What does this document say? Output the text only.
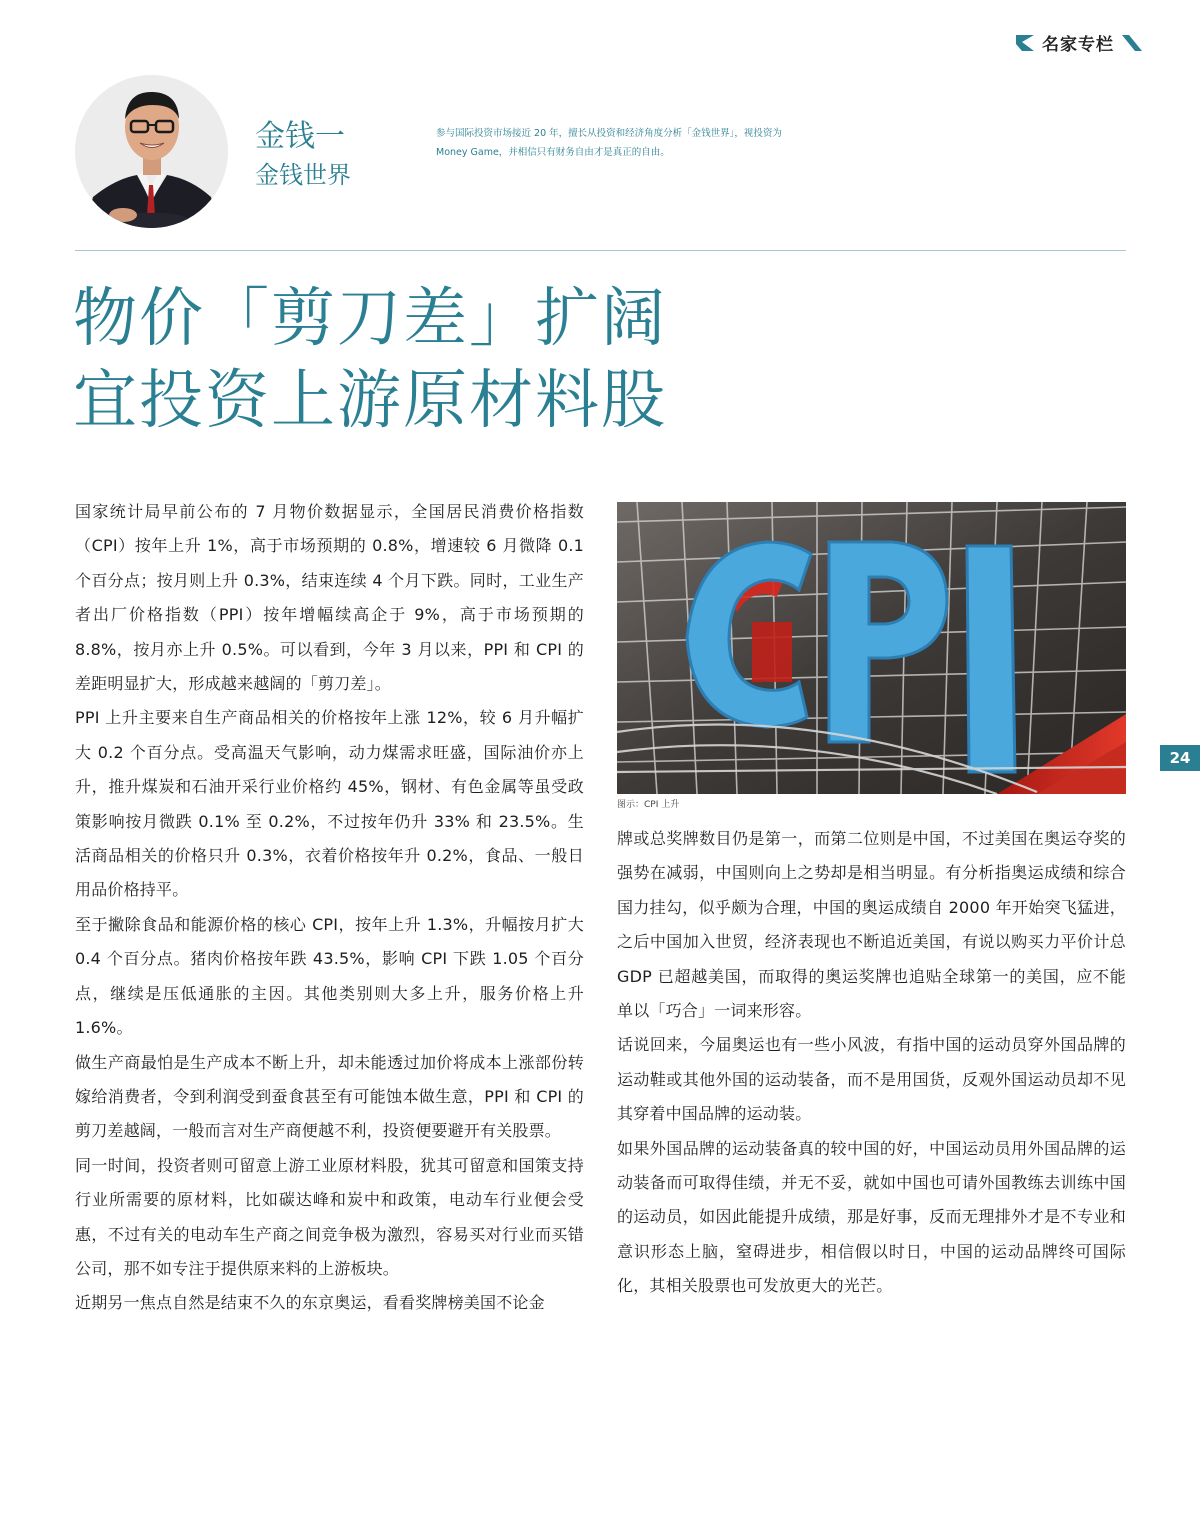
名家专栏
金钱一
金钱世界
参与国际投资市场接近 20 年，擅长从投资和经济角度分析「金钱世界」，视投资为 Money Game，并相信只有财务自由才是真正的自由。
物价「剪刀差」扩阔
宜投资上游原材料股

国家统计局早前公布的 7 月物价数据显示，全国居民消费价格指数（CPI）按年上升 1%，高于市场预期的 0.8%，增速较 6 月微降 0.1 个百分点；按月则上升 0.3%，结束连续 4 个月下跌。同时，工业生产者出厂价格指数（PPI）按年增幅续高企于 9%，高于市场预期的 8.8%，按月亦上升 0.5%。可以看到，今年 3 月以来，PPI 和 CPI 的差距明显扩大，形成越来越阔的「剪刀差」。

PPI 上升主要来自生产商品相关的价格按年上涨 12%，较 6 月升幅扩大 0.2 个百分点。受高温天气影响，动力煤需求旺盛，国际油价亦上升，推升煤炭和石油开采行业价格约 45%，钢材、有色金属等虽受政策影响按月微跌 0.1% 至 0.2%，不过按年仍升 33% 和 23.5%。生活商品相关的价格只升 0.3%，衣着价格按年升 0.2%，食品、一般日用品价格持平。

至于撇除食品和能源价格的核心 CPI，按年上升 1.3%，升幅按月扩大 0.4 个百分点。猪肉价格按年跌 43.5%，影响 CPI 下跌 1.05 个百分点，继续是压低通胀的主因。其他类别则大多上升，服务价格上升 1.6%。

做生产商最怕是生产成本不断上升，却未能透过加价将成本上涨部份转嫁给消费者，令到利润受到蚕食甚至有可能蚀本做生意，PPI 和 CPI 的剪刀差越阔，一般而言对生产商便越不利，投资便要避开有关股票。

同一时间，投资者则可留意上游工业原材料股，犹其可留意和国策支持行业所需要的原材料，比如碳达峰和炭中和政策，电动车行业便会受惠，不过有关的电动车生产商之间竞争极为激烈，容易买对行业而买错公司，那不如专注于提供原来料的上游板块。

近期另一焦点自然是结束不久的东京奥运，看看奖牌榜美国不论金

图示：CPI 上升

牌或总奖牌数目仍是第一，而第二位则是中国，不过美国在奥运夺奖的强势在减弱，中国则向上之势却是相当明显。有分析指奥运成绩和综合国力挂勾，似乎颇为合理，中国的奥运成绩自 2000 年开始突飞猛进，之后中国加入世贸，经济表现也不断追近美国，有说以购买力平价计总 GDP 已超越美国，而取得的奥运奖牌也追贴全球第一的美国，应不能单以「巧合」一词来形容。

话说回来，今届奥运也有一些小风波，有指中国的运动员穿外国品牌的运动鞋或其他外国的运动装备，而不是用国货，反观外国运动员却不见其穿着中国品牌的运动装。

如果外国品牌的运动装备真的较中国的好，中国运动员用外国品牌的运动装备而可取得佳绩，并无不妥，就如中国也可请外国教练去训练中国的运动员，如因此能提升成绩，那是好事，反而无理排外才是不专业和意识形态上脑，窒碍进步，相信假以时日，中国的运动品牌终可国际化，其相关股票也可发放更大的光芒。

24
